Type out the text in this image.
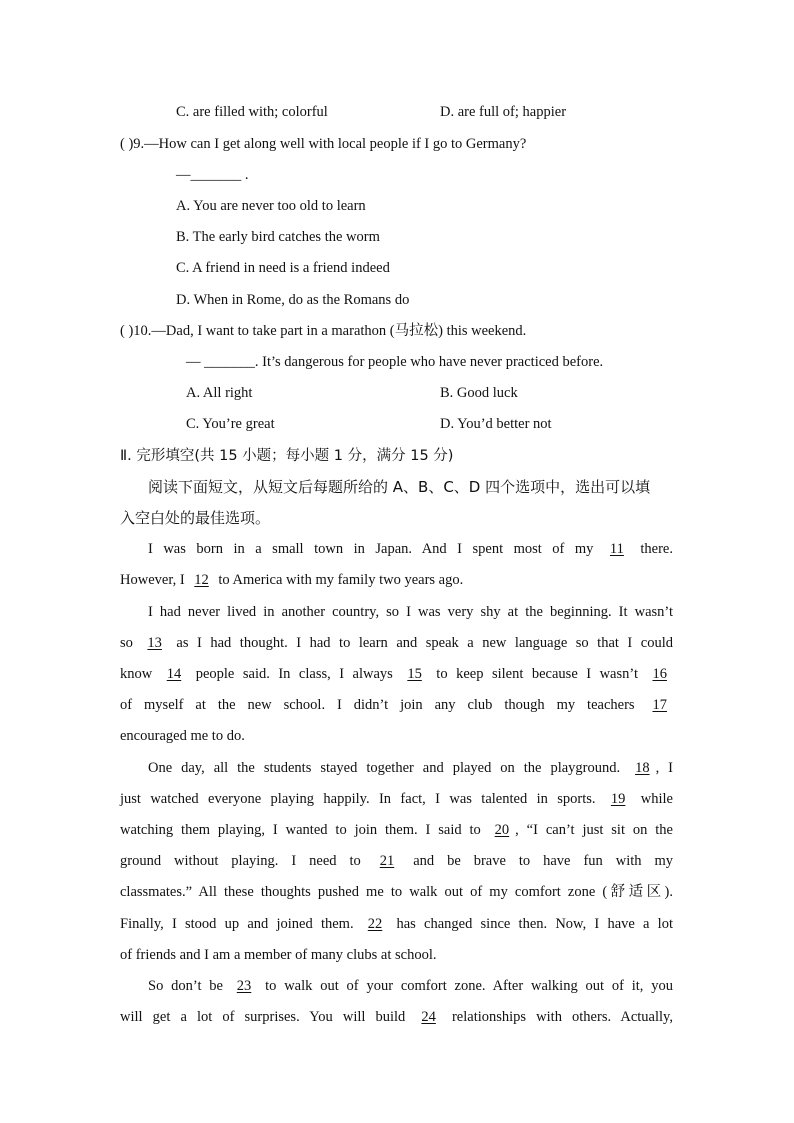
C. are filled with; colorful	D. are full of; happier
( )9.—How can I get along well with local people if I go to Germany?
—_______ .
A. You are never too old to learn
B. The early bird catches the worm
C. A friend in need is a friend indeed
D. When in Rome, do as the Romans do
( )10.—Dad, I want to take part in a marathon (马拉松) this weekend.
— _______. It’s dangerous for people who have never practiced before.
A. All right	B. Good luck
C. You’re great	D. You’d better not
Ⅱ. 完形填空(共 15 小题；每小题 1 分，满分 15 分)
阅读下面短文，从短文后每题所给的 A、B、C、D 四个选项中，选出可以填
入空白处的最佳选项。
I was born in a small town in Japan. And I spent most of my 11 there.
However, I 12 to America with my family two years ago.
I had never lived in another country, so I was very shy at the beginning. It wasn’t
so 13 as I had thought. I had to learn and speak a new language so that I could
know 14 people said. In class, I always 15 to keep silent because I wasn’t 16
of myself at the new school. I didn’t join any club though my teachers 17
encouraged me to do.
One day, all the students stayed together and played on the playground. 18 , I
just watched everyone playing happily. In fact, I was talented in sports. 19 while
watching them playing, I wanted to join them. I said to 20 , “I can’t just sit on the
ground without playing. I need to 21 and be brave to have fun with my
classmates.” All these thoughts pushed me to walk out of my comfort zone (舒适区).
Finally, I stood up and joined them. 22 has changed since then. Now, I have a lot
of friends and I am a member of many clubs at school.
So don’t be 23 to walk out of your comfort zone. After walking out of it, you
will get a lot of surprises. You will build 24 relationships with others. Actually,
